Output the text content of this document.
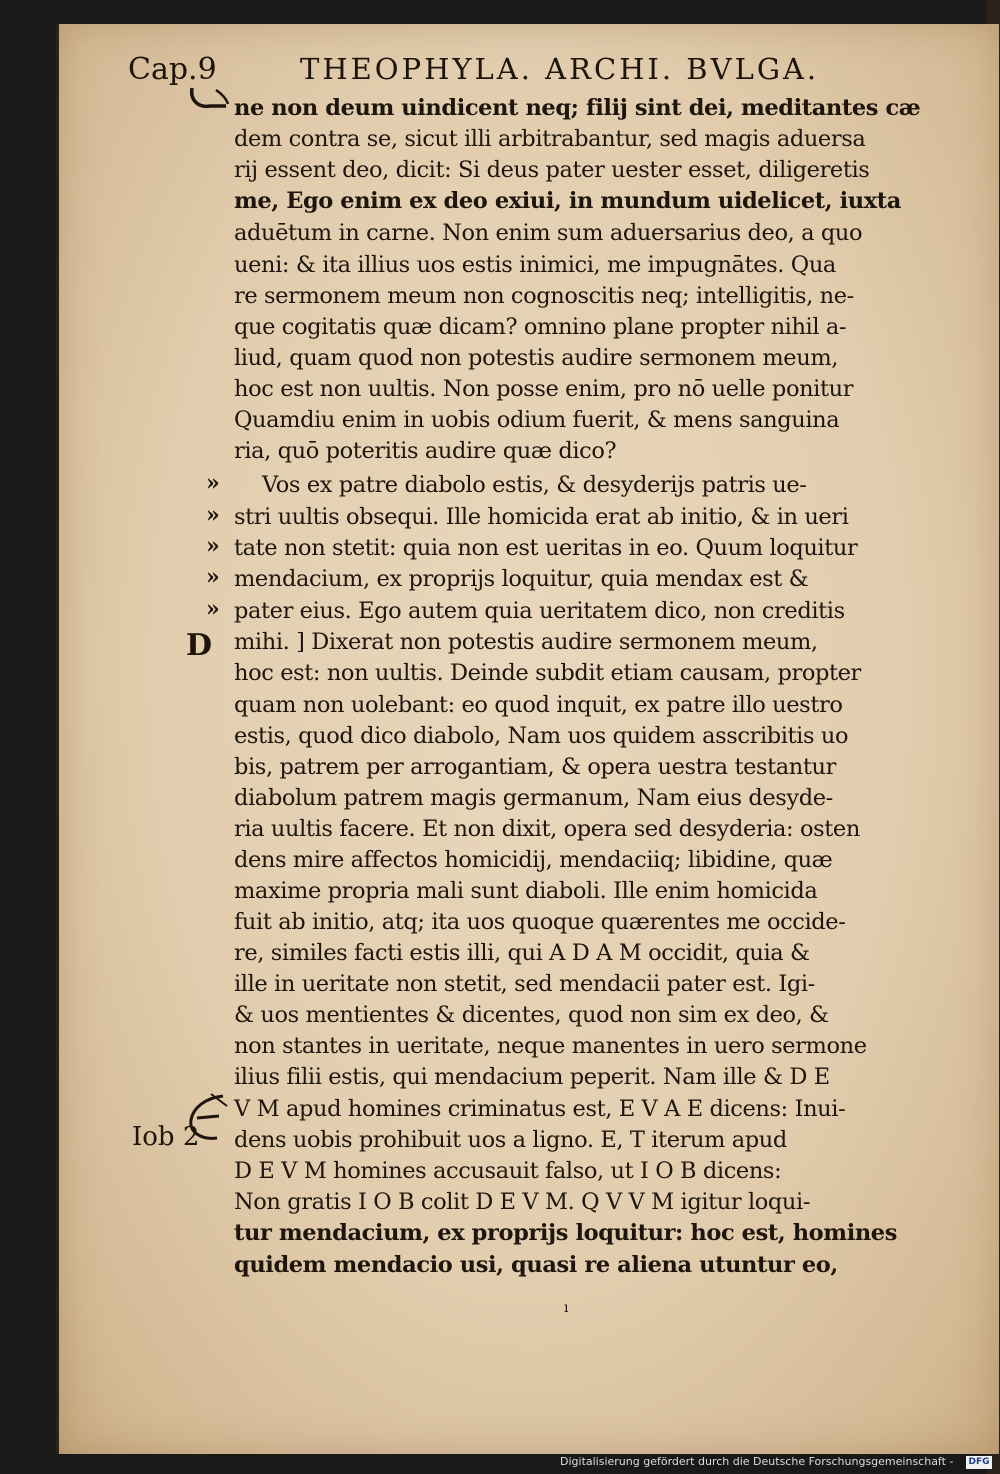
Cap.9	THEOPHYLA. ARCHI. BVLGA.
ne non deum uindicent neq; filij sint dei, meditantes cæ
dem contra se, sicut illi arbitrabantur, sed magis aduersa
rij essent deo, dicit: Si deus pater uester esset, diligeretis
me, Ego enim ex deo exiui, in mundum uidelicet, iuxta
aduētum in carne. Non enim sum aduersarius deo, a quo
ueni: & ita illius uos estis inimici, me impugnātes. Qua
re sermonem meum non cognoscitis neq; intelligitis, ne-
que cogitatis quæ dicam? omnino plane propter nihil a-
liud, quam quod non potestis audire sermonem meum,
hoc est non uultis. Non posse enim, pro nō uelle ponitur
Quamdiu enim in uobis odium fuerit, & mens sanguina
ria, quō poteritis audire quæ dico?
Vos ex patre diabolo estis, & desyderijs patris ue-
stri uultis obsequi. Ille homicida erat ab initio, & in ueri
tate non stetit: quia non est ueritas in eo. Quum loquitur
mendacium, ex proprijs loquitur, quia mendax est &
pater eius. Ego autem quia ueritatem dico, non creditis
mihi. ] Dixerat non potestis audire sermonem meum,
hoc est: non uultis. Deinde subdit etiam causam, propter
quam non uolebant: eo quod inquit, ex patre illo uestro
estis, quod dico diabolo, Nam uos quidem asscribitis uo
bis, patrem per arrogantiam, & opera uestra testantur
diabolum patrem magis germanum, Nam eius desyde-
ria uultis facere. Et non dixit, opera sed desyderia: osten
dens mire affectos homicidij, mendaciiq; libidine, quæ
maxime propria mali sunt diaboli. Ille enim homicida
fuit ab initio, atq; ita uos quoque quærentes me occide-
re, similes facti estis illi, qui A D A M occidit, quia &
ille in ueritate non stetit, sed mendacii pater est. Igi-
& uos mentientes & dicentes, quod non sim ex deo, &
non stantes in ueritate, neque manentes in uero sermone
ilius filii estis, qui mendacium peperit. Nam ille & D E
V M apud homines criminatus est, E V A E dicens: Inui-
dens uobis prohibuit uos a ligno. E, T iterum apud
D E V M homines accusauit falso, ut I O B dicens:
Non gratis I O B colit D E V M. Q V V M igitur loqui-
tur mendacium, ex proprijs loquitur: hoc est, homines
quidem mendacio usi, quasi re aliena utuntur eo,
»
»
»
»
»
D
Iob 2
ı
Digitalisierung gefördert durch die Deutsche Forschungsgemeinschaft - DFG
